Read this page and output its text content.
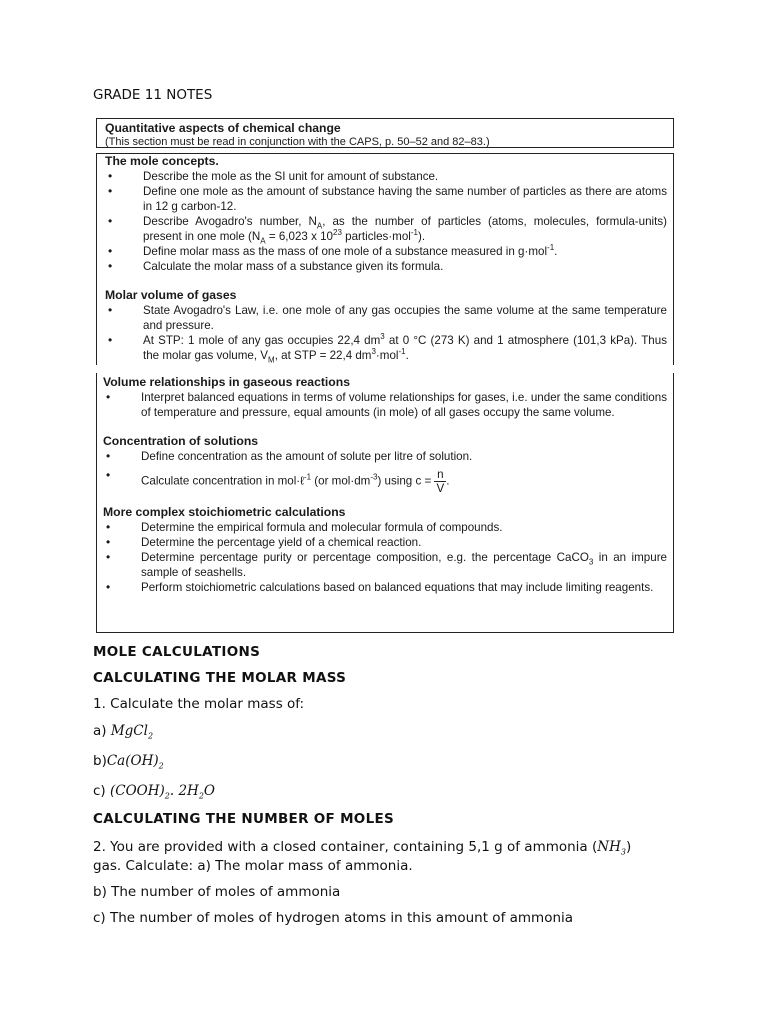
GRADE 11 NOTES
Quantitative aspects of chemical change
(This section must be read in conjunction with the CAPS, p. 50–52 and 82–83.)
The mole concepts.
• Describe the mole as the SI unit for amount of substance.
• Define one mole as the amount of substance having the same number of particles as there are atoms in 12 g carbon-12.
• Describe Avogadro's number, $N_A$, as the number of particles (atoms, molecules, formula-units) present in one mole ($N_A = 6,023$ x $10^{23}$ particles·mol$^{-1}$).
• Define molar mass as the mass of one mole of a substance measured in g·mol$^{-1}$.
• Calculate the molar mass of a substance given its formula.
Molar volume of gases
• State Avogadro's Law, i.e. one mole of any gas occupies the same volume at the same temperature and pressure.
• At STP: 1 mole of any gas occupies 22,4 $dm^3$ at 0 °C (273 K) and 1 atmosphere (101,3 kPa). Thus the molar gas volume, $V_M$, at STP = 22,4 $dm^3\cdot mol^{-1}$.
Volume relationships in gaseous reactions
• Interpret balanced equations in terms of volume relationships for gases, i.e. under the same conditions of temperature and pressure, equal amounts (in mole) of all gases occupy the same volume.
Concentration of solutions
• Define concentration as the amount of solute per litre of solution.
• Calculate concentration in mol·ℓ$^{-1}$ (or $mol\cdot dm^{-3}$) using $c = \frac{n}{V}$ .
More complex stoichiometric calculations
• Determine the empirical formula and molecular formula of compounds.
• Determine the percentage yield of a chemical reaction.
• Determine percentage purity or percentage composition, e.g. the percentage CaCO$_3$ in an impure sample of seashells.
• Perform stoichiometric calculations based on balanced equations that may include limiting reagents.
MOLE CALCULATIONS
CALCULATING THE MOLAR MASS
1. Calculate the molar mass of:
a) MgCl$_2$
$b)Ca(OH)_2$
c) $(COOH)_2$. $2H_2O$
CALCULATING THE NUMBER OF MOLES
2. You are provided with a closed container, containing 5,1 g of ammonia $(NH_3)$
gas. Calculate: a) The molar mass of ammonia.
b) The number of moles of ammonia
c) The number of moles of hydrogen atoms in this amount of ammonia
